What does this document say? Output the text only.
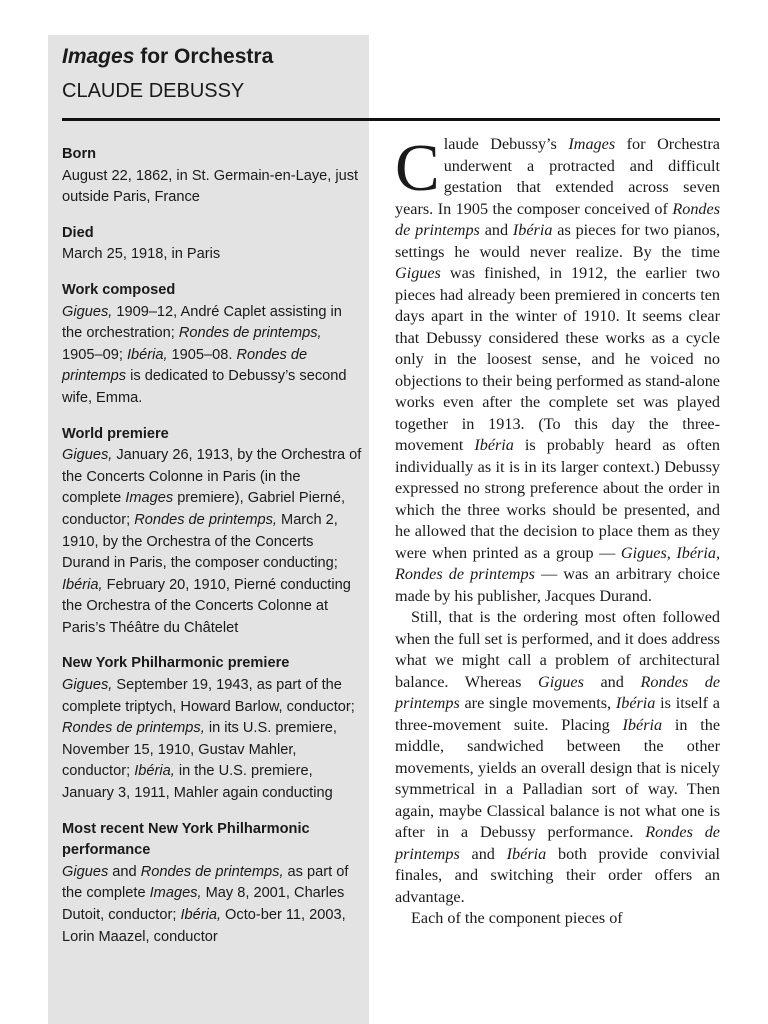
Images for Orchestra
CLAUDE DEBUSSY
Born

August 22, 1862, in St. Germain-en-Laye, just outside Paris, France

Died

March 25, 1918, in Paris

Work composed

Gigues, 1909–12, André Caplet assisting in the orchestration; Rondes de printemps, 1905–09; Ibéria, 1905–08. Rondes de printemps is dedicated to Debussy’s second wife, Emma.

World premiere

Gigues, January 26, 1913, by the Orchestra of the Concerts Colonne in Paris (in the complete Images premiere), Gabriel Pierné, conductor; Rondes de printemps, March 2, 1910, by the Orchestra of the Concerts Durand in Paris, the composer conducting; Ibéria, February 20, 1910, Pierné conducting the Orchestra of the Concerts Colonne at Paris’s Théâtre du Châtelet

New York Philharmonic premiere

Gigues, September 19, 1943, as part of the complete triptych, Howard Barlow, conductor; Rondes de printemps, in its U.S. premiere, November 15, 1910, Gustav Mahler, conductor; Ibéria, in the U.S. premiere, January 3, 1911, Mahler again conducting

Most recent New York Philharmonic performance

Gigues and Rondes de printemps, as part of the complete Images, May 8, 2001, Charles Dutoit, conductor; Ibéria, Octo-ber 11, 2003, Lorin Maazel, conductor

Claude Debussy’s Images for Orchestra underwent a protracted and difficult gestation that extended across seven years. In 1905 the composer conceived of Rondes de printemps and Ibéria as pieces for two pianos, settings he would never realize. By the time Gigues was finished, in 1912, the earlier two pieces had already been premiered in concerts ten days apart in the winter of 1910. It seems clear that Debussy considered these works as a cycle only in the loosest sense, and he voiced no objections to their being performed as stand-alone works even after the complete set was played together in 1913. (To this day the three-movement Ibéria is probably heard as often individually as it is in its larger context.) Debussy expressed no strong preference about the order in which the three works should be presented, and he allowed that the decision to place them as they were when printed as a group — Gigues, Ibéria, Rondes de printemps — was an arbitrary choice made by his publisher, Jacques Durand.

Still, that is the ordering most often followed when the full set is performed, and it does address what we might call a problem of architectural balance. Whereas Gigues and Rondes de printemps are single movements, Ibéria is itself a three-movement suite. Placing Ibéria in the middle, sandwiched between the other movements, yields an overall design that is nicely symmetrical in a Palladian sort of way. Then again, maybe Classical balance is not what one is after in a Debussy performance. Rondes de printemps and Ibéria both provide convivial finales, and switching their order offers an advantage.

Each of the component pieces of
